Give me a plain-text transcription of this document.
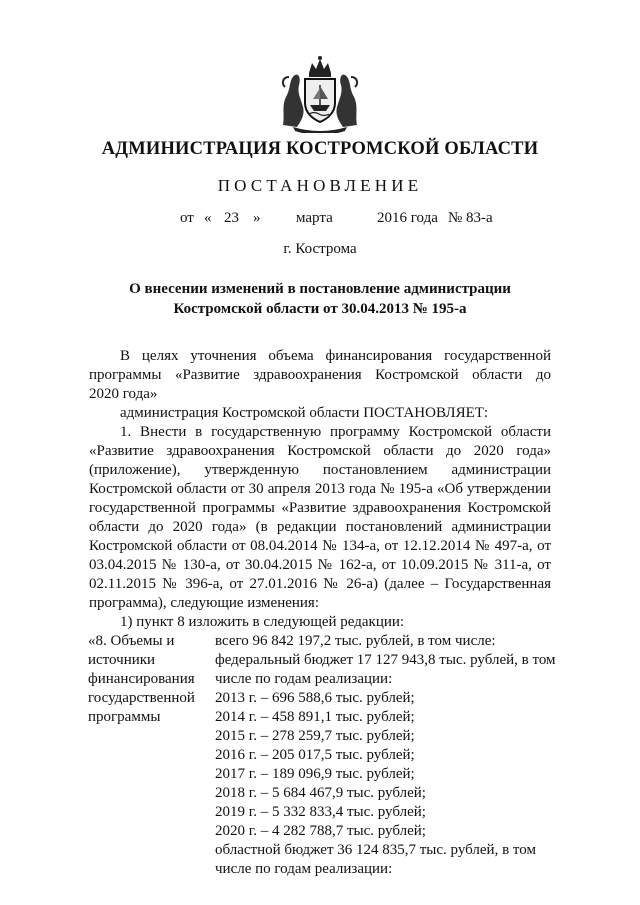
АДМИНИСТРАЦИЯ КОСТРОМСКОЙ ОБЛАСТИ
ПОСТАНОВЛЕНИЕ
от « 23 » марта	2016 года № 83-а
г. Кострома
О внесении изменений в постановление администрации
Костромской области от 30.04.2013 № 195-а
В целях уточнения объема финансирования государственной
программы «Развитие здравоохранения Костромской области до
2020 года»
администрация Костромской области ПОСТАНОВЛЯЕТ:
1. Внести в государственную программу Костромской области
«Развитие здравоохранения Костромской области до 2020 года»
(приложение), утвержденную постановлением администрации
Костромской области от 30 апреля 2013 года № 195-а «Об утверждении
государственной программы «Развитие здравоохранения Костромской
области до 2020 года» (в редакции постановлений администрации
Костромской области от 08.04.2014 № 134-а, от 12.12.2014 № 497-а, от
03.04.2015 № 130-а, от 30.04.2015 № 162-а, от 10.09.2015 № 311-а, от
02.11.2015 № 396-а, от 27.01.2016 № 26-а) (далее – Государственная
программа), следующие изменения:
1) пункт 8 изложить в следующей редакции:
«8. Объемы и
источники
финансирования
государственной
программы
всего 96 842 197,2 тыс. рублей, в том числе:
федеральный бюджет 17 127 943,8 тыс. рублей, в том
числе по годам реализации:
2013 г. – 696 588,6 тыс. рублей;
2014 г. – 458 891,1 тыс. рублей;
2015 г. – 278 259,7 тыс. рублей;
2016 г. – 205 017,5 тыс. рублей;
2017 г. – 189 096,9 тыс. рублей;
2018 г. – 5 684 467,9 тыс. рублей;
2019 г. – 5 332 833,4 тыс. рублей;
2020 г. – 4 282 788,7 тыс. рублей;
областной бюджет 36 124 835,7 тыс. рублей, в том
числе по годам реализации:
